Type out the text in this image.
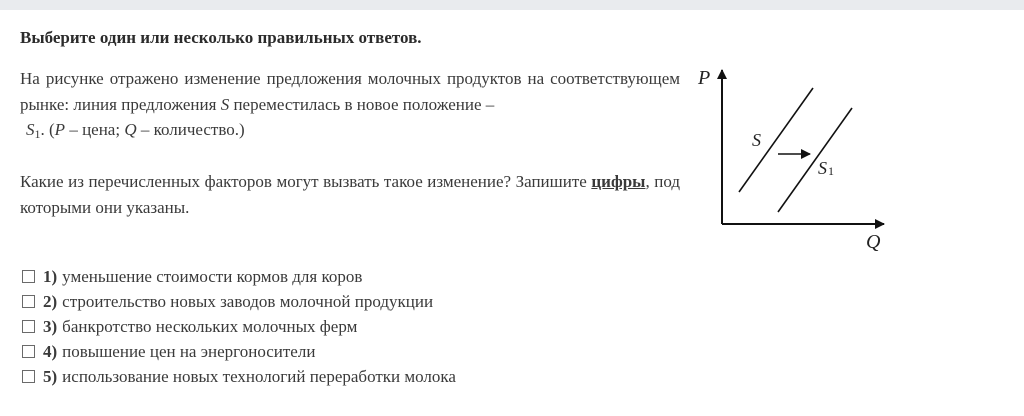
Выберите один или несколько правильных ответов.
На рисунке отражено изменение предложения молочных продуктов на соответствующем рынке: линия предложения S переместилась в новое положение –
$S_1$. (P – цена; Q – количество.)
Какие из перечисленных факторов могут вызвать такое изменение? Запишите цифры, под которыми они указаны.
P
Q
S
S 1
1) уменьшение стоимости кормов для коров
2) строительство новых заводов молочной продукции
3) банкротство нескольких молочных ферм
4) повышение цен на энергоносители
5) использование новых технологий переработки молока
